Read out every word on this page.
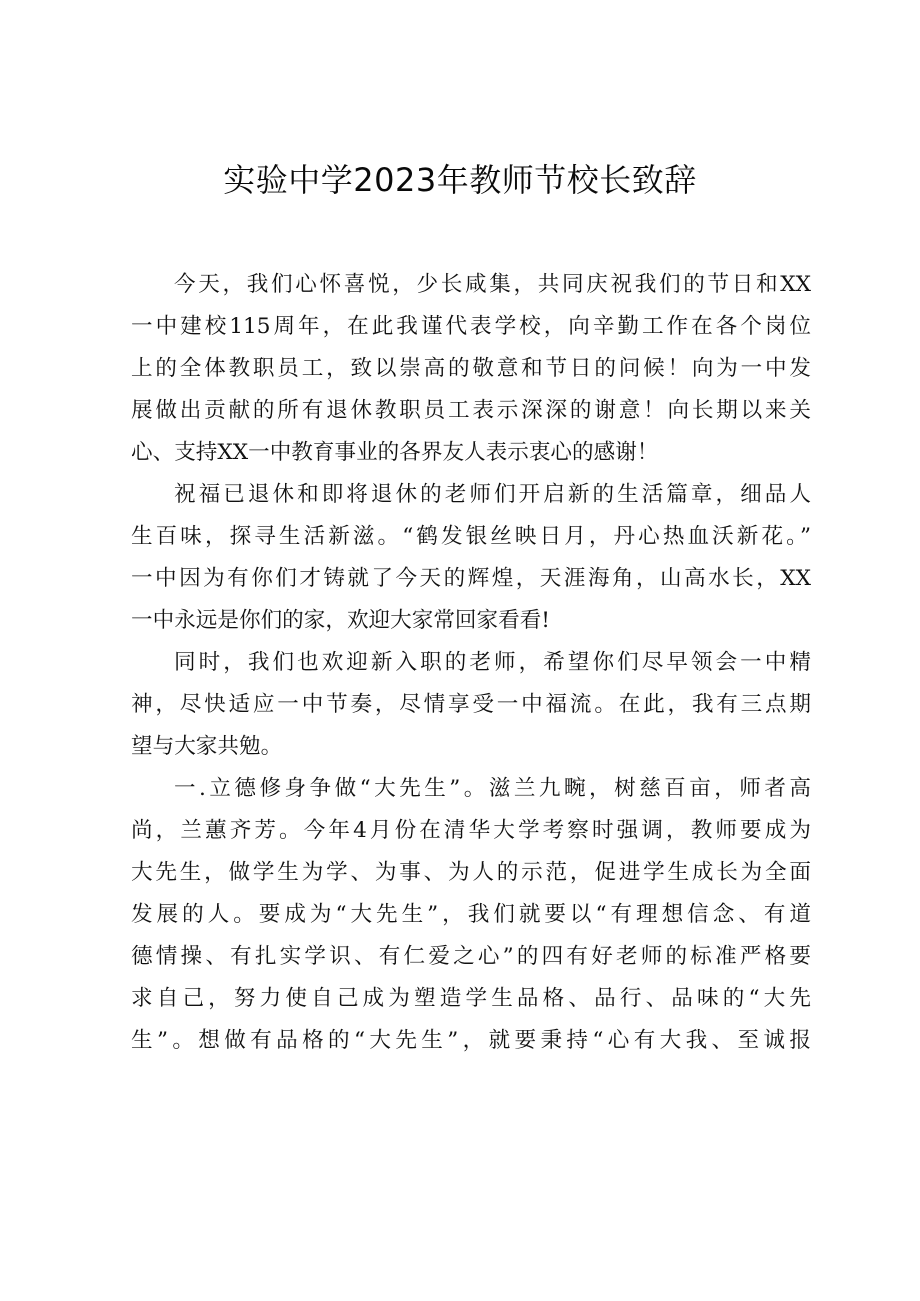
实验中学2023年教师节校长致辞
今天，我们心怀喜悦，少长咸集，共同庆祝我们的节日和XX
一中建校115周年，在此我谨代表学校，向辛勤工作在各个岗位
上的全体教职员工，致以崇高的敬意和节日的问候！向为一中发
展做出贡献的所有退休教职员工表示深深的谢意！向长期以来关
心、支持XX一中教育事业的各界友人表示衷心的感谢！
祝福已退休和即将退休的老师们开启新的生活篇章，细品人
生百味，探寻生活新滋。“鹤发银丝映日月，丹心热血沃新花。”
一中因为有你们才铸就了今天的辉煌，天涯海角，山高水长，XX
一中永远是你们的家，欢迎大家常回家看看!
同时，我们也欢迎新入职的老师，希望你们尽早领会一中精
神，尽快适应一中节奏，尽情享受一中福流。在此，我有三点期
望与大家共勉。
一.立德修身争做“大先生”。滋兰九畹，树慈百亩，师者高
尚，兰蕙齐芳。今年4月份在清华大学考察时强调，教师要成为
大先生，做学生为学、为事、为人的示范，促进学生成长为全面
发展的人。要成为“大先生”，我们就要以“有理想信念、有道
德情操、有扎实学识、有仁爱之心”的四有好老师的标准严格要
求自己，努力使自己成为塑造学生品格、品行、品味的“大先
生”。想做有品格的“大先生”，就要秉持“心有大我、至诚报
